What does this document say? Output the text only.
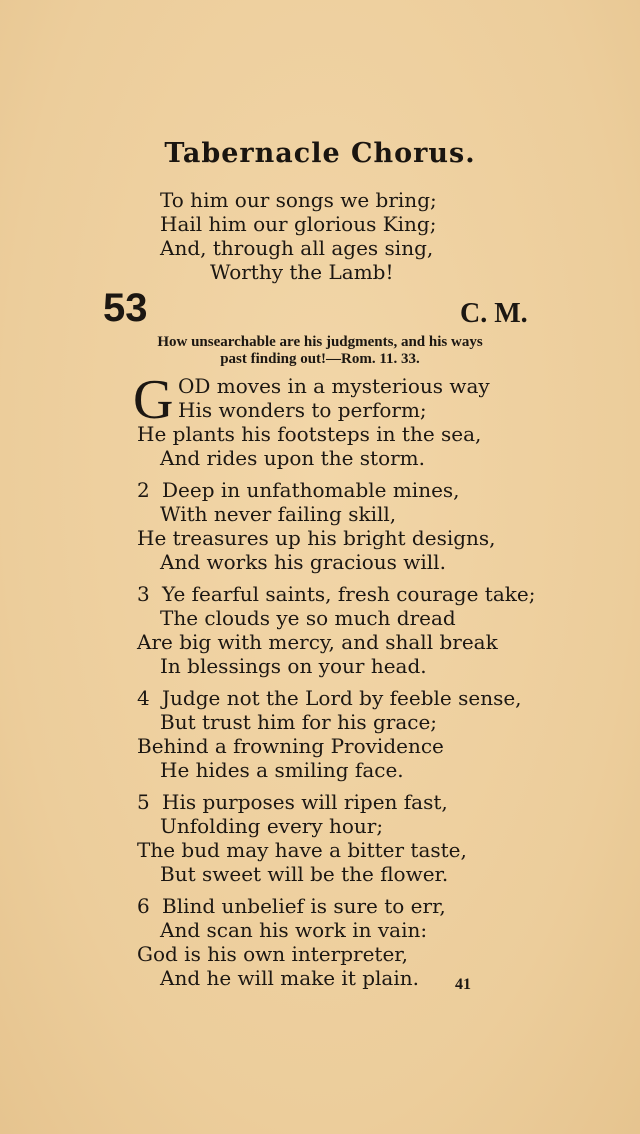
Tabernacle Chorus.
To him our songs we bring;
Hail him our glorious King;
And, through all ages sing,
Worthy the Lamb!
53	C. M.
How unsearchable are his judgments, and his ways
past finding out!—Rom. 11. 33.
G OD moves in a mysterious way
His wonders to perform;
He plants his footsteps in the sea,
And rides upon the storm.
2 Deep in unfathomable mines,
With never failing skill,
He treasures up his bright designs,
And works his gracious will.
3 Ye fearful saints, fresh courage take;
The clouds ye so much dread
Are big with mercy, and shall break
In blessings on your head.
4 Judge not the Lord by feeble sense,
But trust him for his grace;
Behind a frowning Providence
He hides a smiling face.
5 His purposes will ripen fast,
Unfolding every hour;
The bud may have a bitter taste,
But sweet will be the flower.
6 Blind unbelief is sure to err,
And scan his work in vain:
God is his own interpreter,
And he will make it plain. 41
